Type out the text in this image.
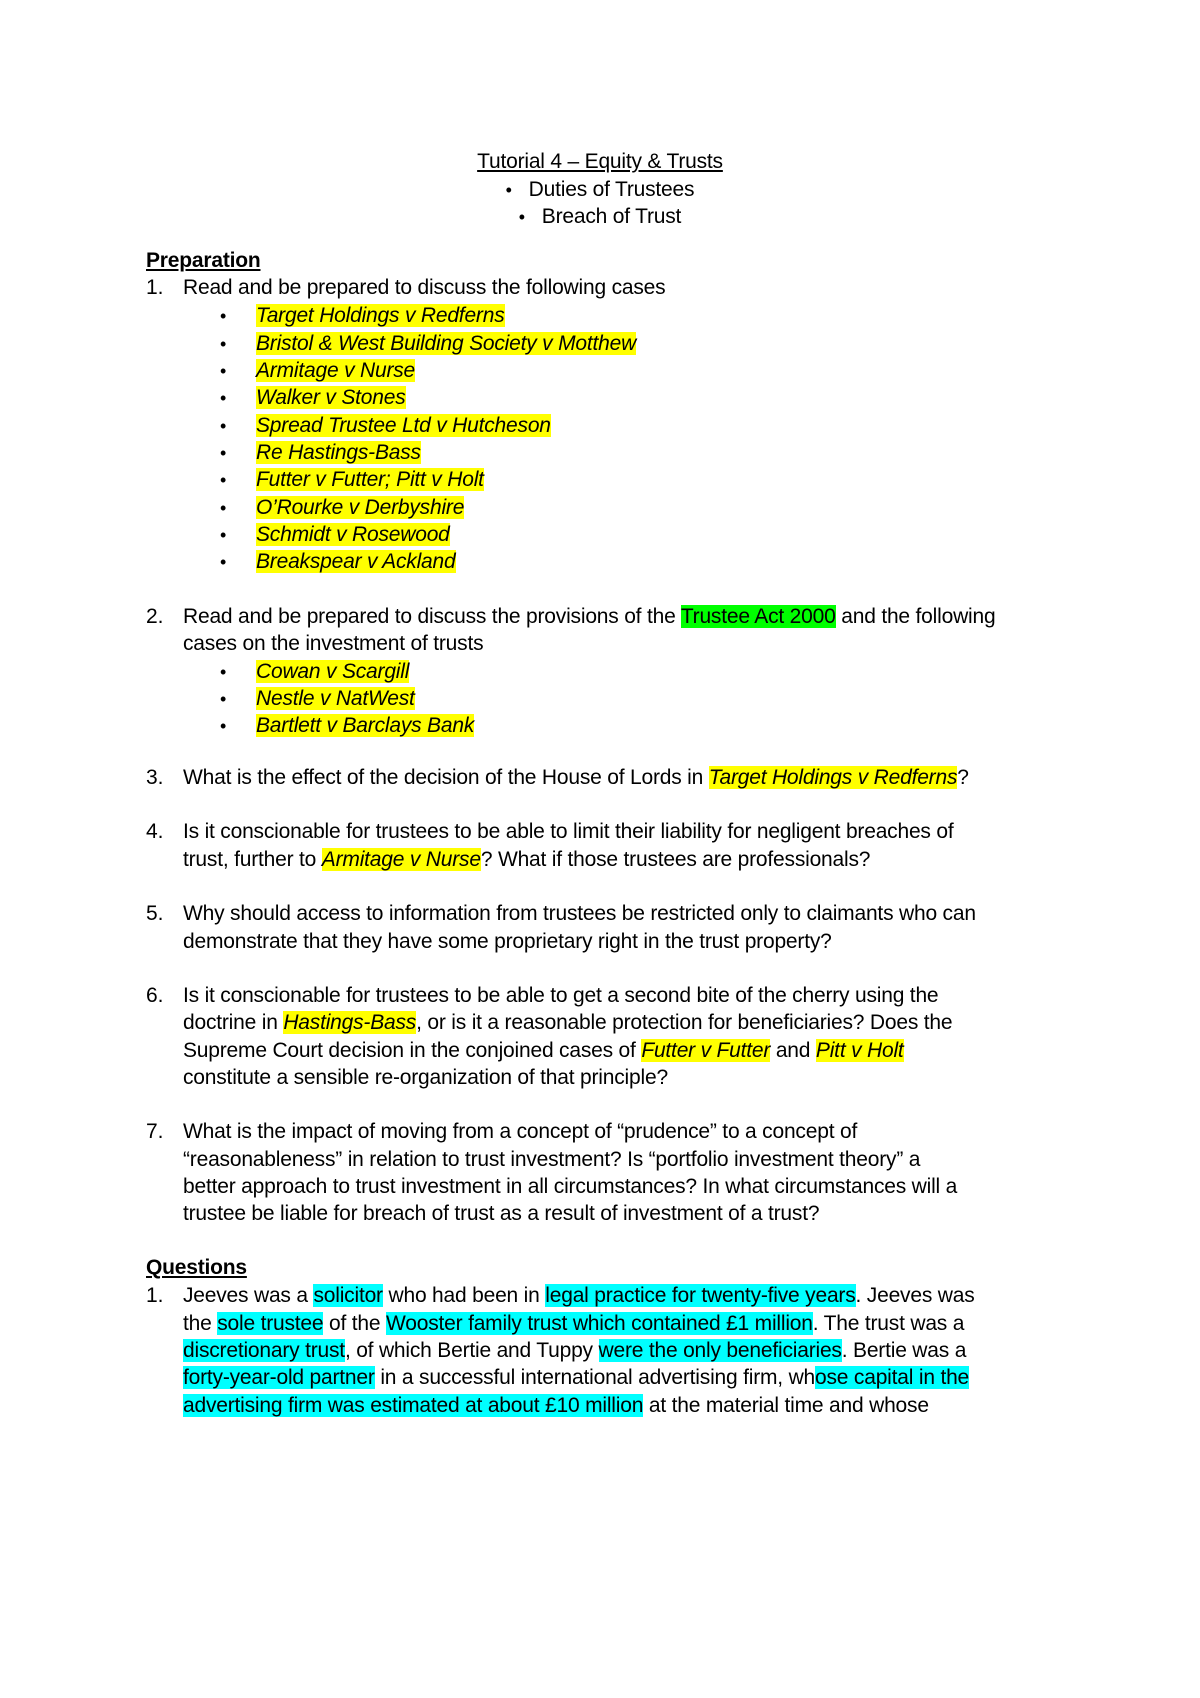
Tutorial 4 – Equity & Trusts
• Duties of Trustees
• Breach of Trust
Preparation
1. Read and be prepared to discuss the following cases
• Target Holdings v Redferns
• Bristol & West Building Society v Motthew
• Armitage v Nurse
• Walker v Stones
• Spread Trustee Ltd v Hutcheson
• Re Hastings-Bass
• Futter v Futter; Pitt v Holt
• O’Rourke v Derbyshire
• Schmidt v Rosewood
• Breakspear v Ackland
2. Read and be prepared to discuss the provisions of the Trustee Act 2000 and the following
cases on the investment of trusts
• Cowan v Scargill
• Nestle v NatWest
• Bartlett v Barclays Bank
3. What is the effect of the decision of the House of Lords in Target Holdings v Redferns?
4. Is it conscionable for trustees to be able to limit their liability for negligent breaches of
trust, further to Armitage v Nurse? What if those trustees are professionals?
5. Why should access to information from trustees be restricted only to claimants who can
demonstrate that they have some proprietary right in the trust property?
6. Is it conscionable for trustees to be able to get a second bite of the cherry using the
doctrine in Hastings-Bass, or is it a reasonable protection for beneficiaries? Does the
Supreme Court decision in the conjoined cases of Futter v Futter and Pitt v Holt
constitute a sensible re-organization of that principle?
7. What is the impact of moving from a concept of “prudence” to a concept of
“reasonableness” in relation to trust investment? Is “portfolio investment theory” a
better approach to trust investment in all circumstances? In what circumstances will a
trustee be liable for breach of trust as a result of investment of a trust?
Questions
1. Jeeves was a solicitor who had been in legal practice for twenty-five years. Jeeves was
the sole trustee of the Wooster family trust which contained £1 million. The trust was a
discretionary trust, of which Bertie and Tuppy were the only beneficiaries. Bertie was a
forty-year-old partner in a successful international advertising firm, whose capital in the
advertising firm was estimated at about £10 million at the material time and whose
